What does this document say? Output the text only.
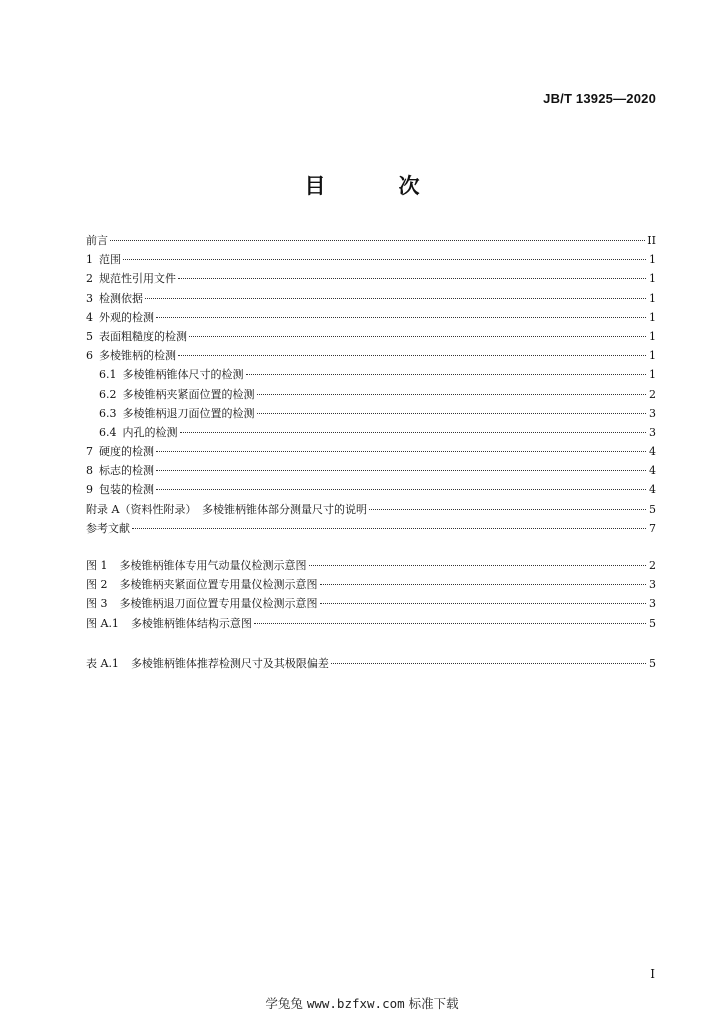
JB/T 13925—2020
目　次
前言	II
1 范围	1
2 规范性引用文件	1
3 检测依据	1
4 外观的检测	1
5 表面粗糙度的检测	1
6 多棱锥柄的检测	1
6.1 多棱锥柄锥体尺寸的检测	1
6.2 多棱锥柄夹紧面位置的检测	2
6.3 多棱锥柄退刀面位置的检测	3
6.4 内孔的检测	3
7 硬度的检测	4
8 标志的检测	4
9 包装的检测	4
附录 A（资料性附录）　多棱锥柄锥体部分测量尺寸的说明	5
参考文献	7
图 1 多棱锥柄锥体专用气动量仪检测示意图	2
图 2 多棱锥柄夹紧面位置专用量仪检测示意图	3
图 3 多棱锥柄退刀面位置专用量仪检测示意图	3
图 A.1 多棱锥柄锥体结构示意图	5
表 A.1 多棱锥柄锥体推荐检测尺寸及其极限偏差	5
I
学兔兔 www.bzfxw.com 标准下载
